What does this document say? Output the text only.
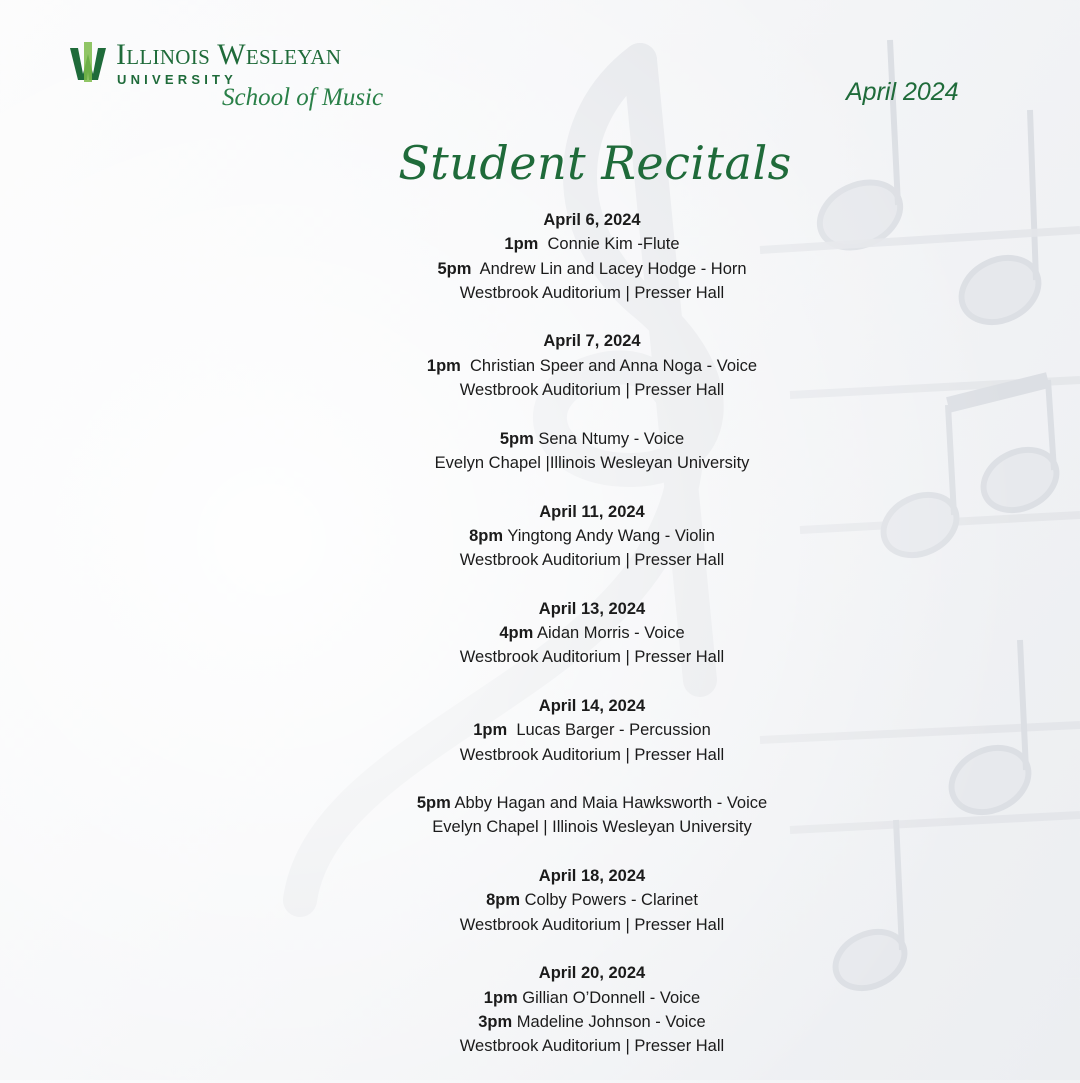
Illinois Wesleyan
UNIVERSITY
School of Music	April 2024
Student Recitals
April 6, 2024
1pm Connie Kim -Flute
5pm Andrew Lin and Lacey Hodge - Horn
Westbrook Auditorium | Presser Hall
April 7, 2024
1pm Christian Speer and Anna Noga - Voice
Westbrook Auditorium | Presser Hall
5pm Sena Ntumy - Voice
Evelyn Chapel |Illinois Wesleyan University
April 11, 2024
8pm Yingtong Andy Wang - Violin
Westbrook Auditorium | Presser Hall
April 13, 2024
4pm Aidan Morris - Voice
Westbrook Auditorium | Presser Hall
April 14, 2024
1pm Lucas Barger - Percussion
Westbrook Auditorium | Presser Hall
5pm Abby Hagan and Maia Hawksworth - Voice
Evelyn Chapel | Illinois Wesleyan University
April 18, 2024
8pm Colby Powers - Clarinet
Westbrook Auditorium | Presser Hall
April 20, 2024
1pm Gillian O’Donnell - Voice
3pm Madeline Johnson - Voice
Westbrook Auditorium | Presser Hall
